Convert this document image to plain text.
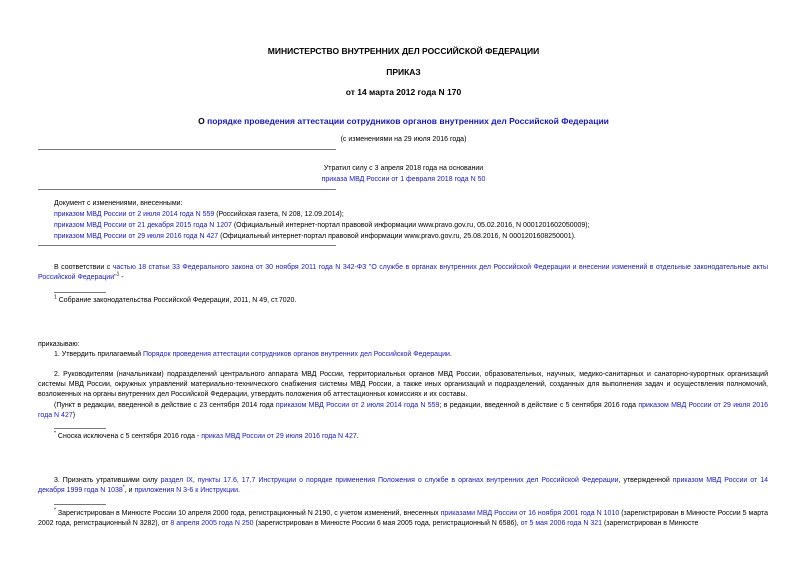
МИНИСТЕРСТВО ВНУТРЕННИХ ДЕЛ РОССИЙСКОЙ ФЕДЕРАЦИИ
ПРИКАЗ
от 14 марта 2012 года N 170
О порядке проведения аттестации сотрудников органов внутренних дел Российской Федерации
(с изменениями на 29 июля 2016 года)
Утратил силу с 3 апреля 2018 года на основании
приказа МВД России от 1 февраля 2018 года N 50
Документ с изменениями, внесенными:
приказом МВД России от 2 июля 2014 года N 559 (Российская газета, N 208, 12.09.2014);
приказом МВД России от 21 декабря 2015 года N 1207 (Официальный интернет-портал правовой информации www.pravo.gov.ru, 05.02.2016, N 0001201602050009);
приказом МВД России от 29 июля 2016 года N 427 (Официальный интернет-портал правовой информации www.pravo.gov.ru, 25.08.2016, N 0001201608250001).
В соответствии с частью 18 статьи 33 Федерального закона от 30 ноября 2011 года N 342-ФЗ "О службе в органах внутренних дел Российской Федерации и внесении изменений в отдельные законодательные акты Российской Федерации"$^1$ -
$^1$ Собрание законодательства Российской Федерации, 2011, N 49, ст.7020.
приказываю:
1. Утвердить прилагаемый Порядок проведения аттестации сотрудников органов внутренних дел Российской Федерации.
2. Руководителям (начальникам) подразделений центрального аппарата МВД России, территориальных органов МВД России, образовательных, научных, медико-санитарных и санаторно-курортных организаций системы МВД России, окружных управлений материально-технического снабжения системы МВД России, а также иных организаций и подразделений, созданных для выполнения задач и осуществления полномочий, возложенных на органы внутренних дел Российской Федерации, утвердить положения об аттестационных комиссиях и их составы.
(Пункт в редакции, введенной в действие с 23 сентября 2014 года приказом МВД России от 2 июля 2014 года N 559; в редакции, введенной в действие с 5 сентября 2016 года приказом МВД России от 29 июля 2016 года N 427)
* Сноска исключена с 5 сентября 2016 года - приказ МВД России от 29 июля 2016 года N 427.
3. Признать утратившими силу раздел IX, пункты 17.6, 17.7 Инструкции о порядке применения Положения о службе в органах внутренних дел Российской Федерации, утвержденной приказом МВД России от 14 декабря 1999 года N 1038*, и приложения N 3-6 к Инструкции.
* Зарегистрирован в Минюсте России 10 апреля 2000 года, регистрационный N 2190, с учетом изменений, внесенных приказами МВД России от 16 ноября 2001 года N 1010 (зарегистрирован в Минюсте России 5 марта 2002 года, регистрационный N 3282), от 8 апреля 2005 года N 250 (зарегистрирован в Минюсте России 6 мая 2005 года, регистрационный N 6586), от 5 мая 2006 года N 321 (зарегистрирован в Минюсте
